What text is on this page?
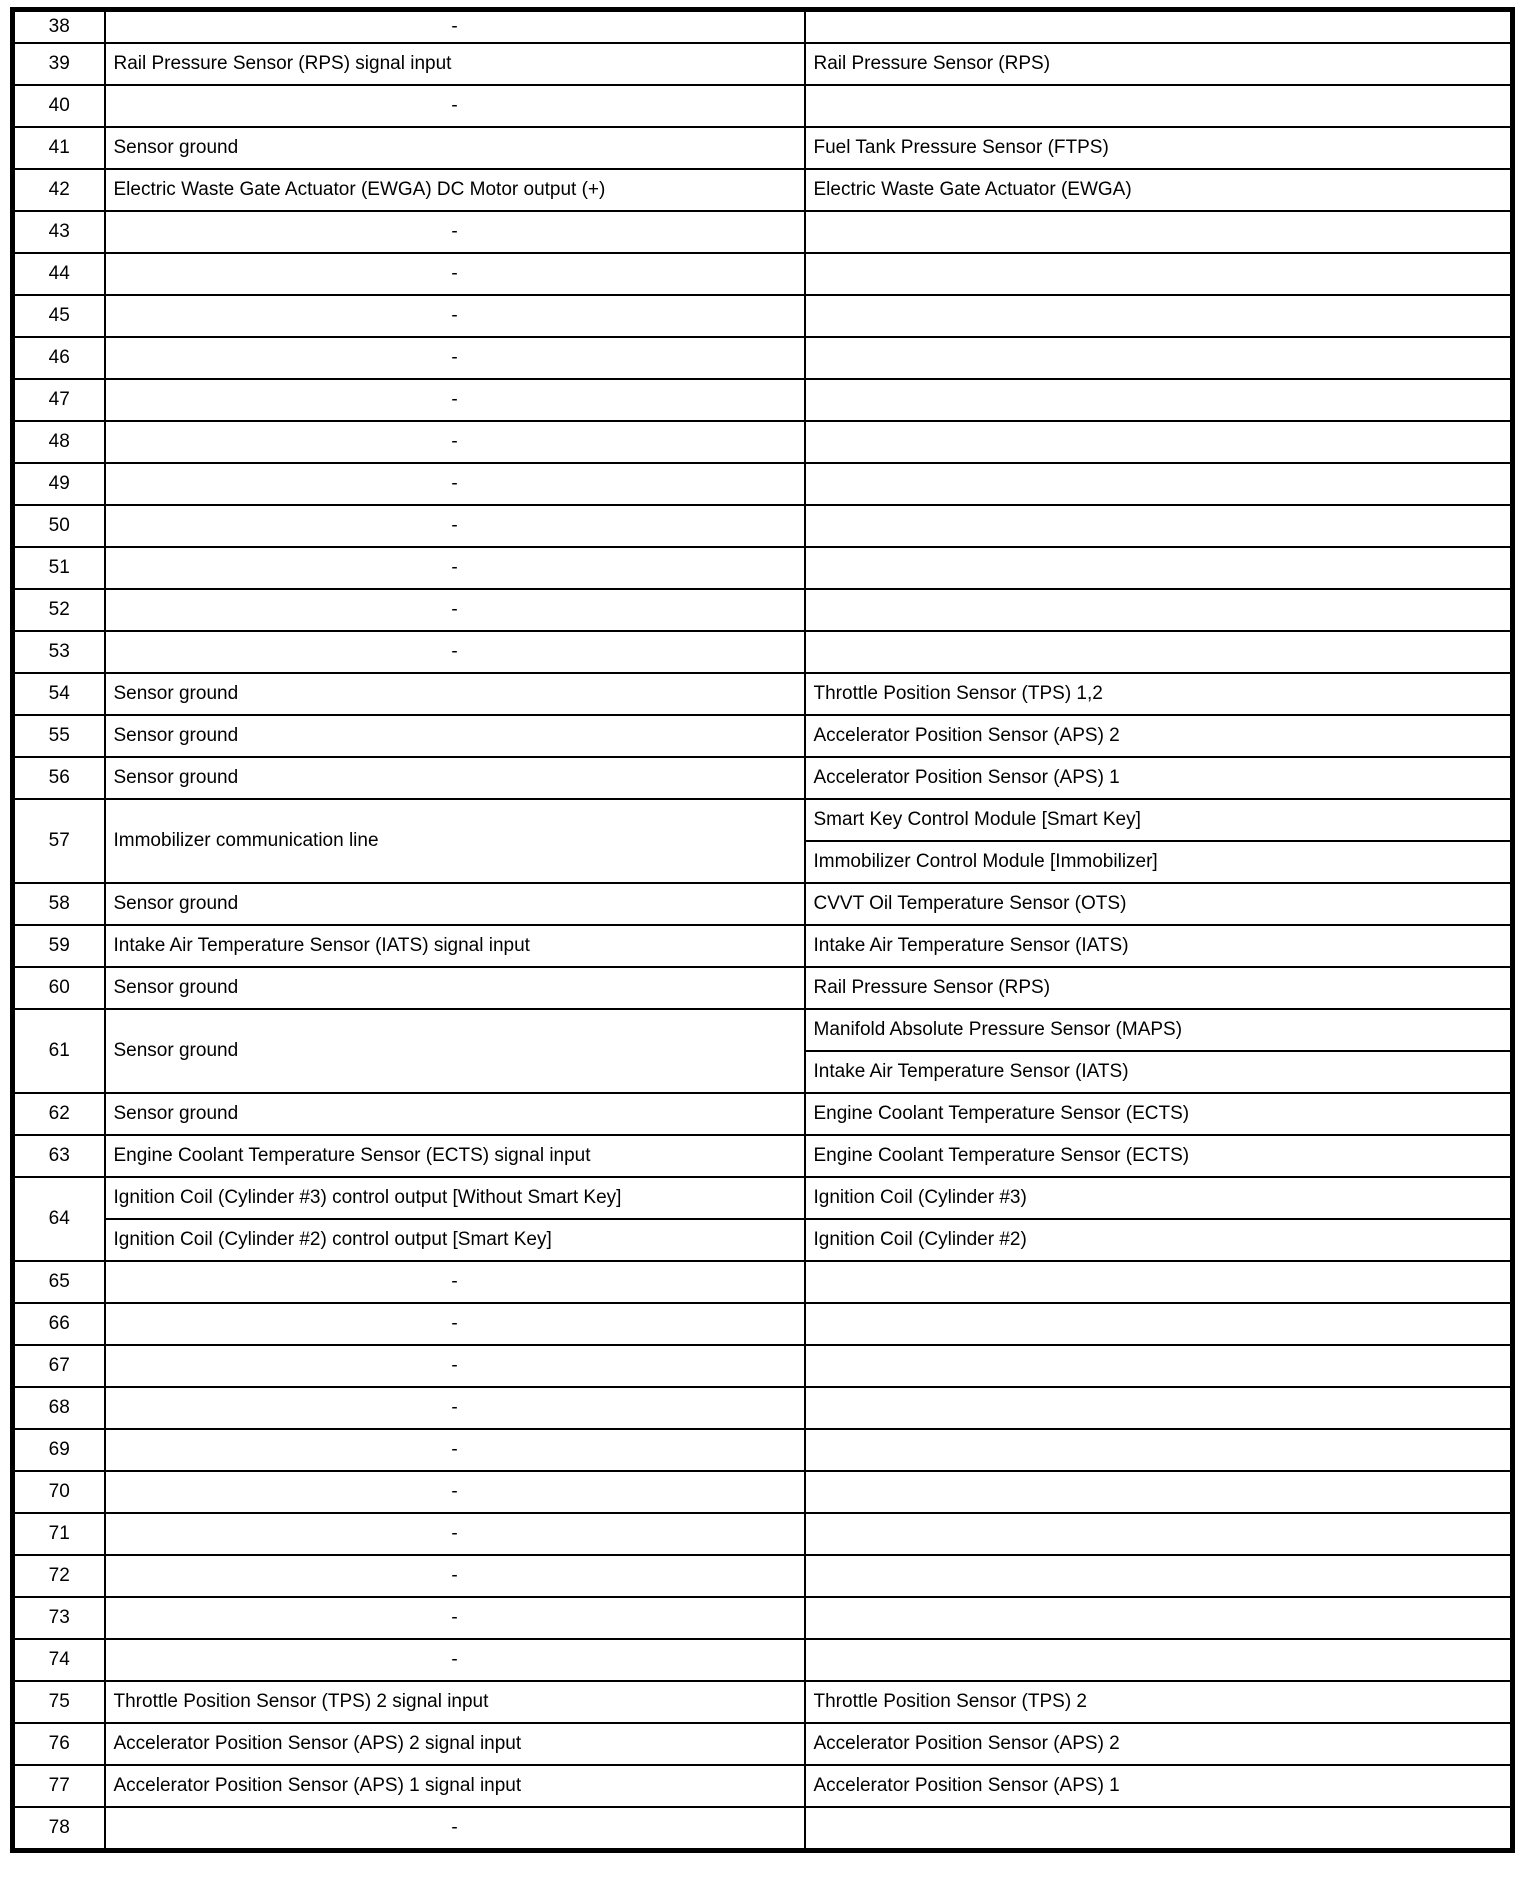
38	-	
39	Rail Pressure Sensor (RPS) signal input	Rail Pressure Sensor (RPS)
40	-	
41	Sensor ground	Fuel Tank Pressure Sensor (FTPS)
42	Electric Waste Gate Actuator (EWGA) DC Motor output (+)	Electric Waste Gate Actuator (EWGA)
43	-	
44	-	
45	-	
46	-	
47	-	
48	-	
49	-	
50	-	
51	-	
52	-	
53	-	
54	Sensor ground	Throttle Position Sensor (TPS) 1,2
55	Sensor ground	Accelerator Position Sensor (APS) 2
56	Sensor ground	Accelerator Position Sensor (APS) 1
57	Immobilizer communication line	Smart Key Control Module [Smart Key]
		Immobilizer Control Module [Immobilizer]
58	Sensor ground	CVVT Oil Temperature Sensor (OTS)
59	Intake Air Temperature Sensor (IATS) signal input	Intake Air Temperature Sensor (IATS)
60	Sensor ground	Rail Pressure Sensor (RPS)
61	Sensor ground	Manifold Absolute Pressure Sensor (MAPS)
		Intake Air Temperature Sensor (IATS)
62	Sensor ground	Engine Coolant Temperature Sensor (ECTS)
63	Engine Coolant Temperature Sensor (ECTS) signal input	Engine Coolant Temperature Sensor (ECTS)
64	Ignition Coil (Cylinder #3) control output [Without Smart Key]	Ignition Coil (Cylinder #3)
	Ignition Coil (Cylinder #2) control output [Smart Key]	Ignition Coil (Cylinder #2)
65	-	
66	-	
67	-	
68	-	
69	-	
70	-	
71	-	
72	-	
73	-	
74	-	
75	Throttle Position Sensor (TPS) 2 signal input	Throttle Position Sensor (TPS) 2
76	Accelerator Position Sensor (APS) 2 signal input	Accelerator Position Sensor (APS) 2
77	Accelerator Position Sensor (APS) 1 signal input	Accelerator Position Sensor (APS) 1
78	-	
